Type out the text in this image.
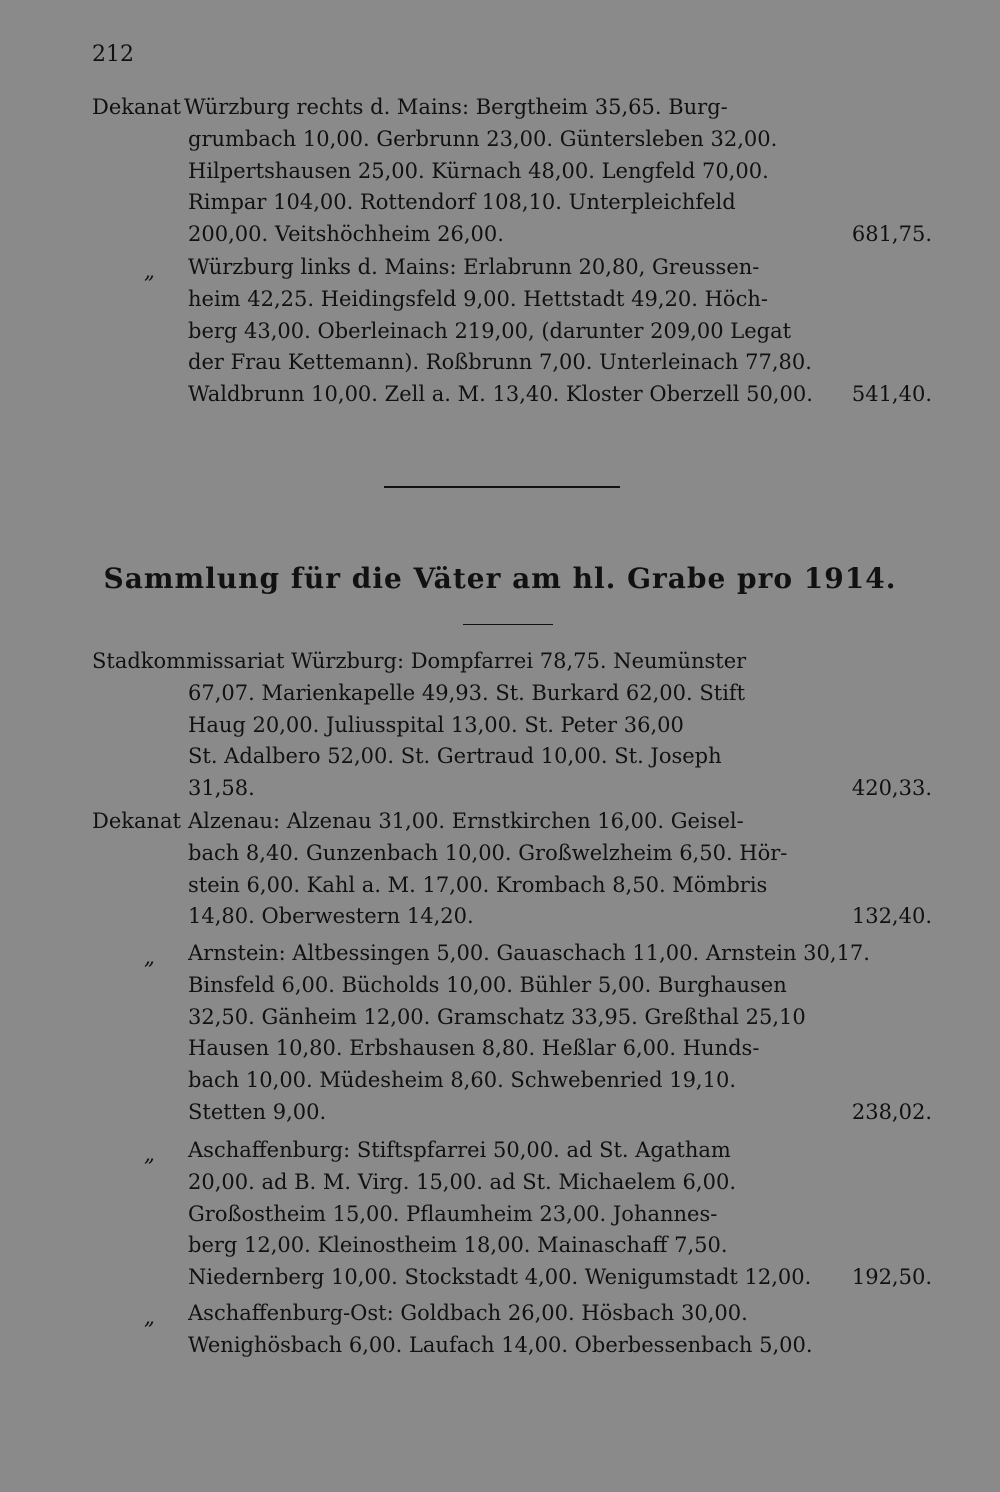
212
Dekanat Würzburg rechts d. Mains: Bergtheim 35,65. Burg-
grumbach 10,00. Gerbrunn 23,00. Güntersleben 32,00.
Hilpertshausen 25,00. Kürnach 48,00. Lengfeld 70,00.
Rimpar 104,00. Rottendorf 108,10. Unterpleichfeld
200,00. Veitshöchheim 26,00.	681,75.
„	Würzburg links d. Mains: Erlabrunn 20,80, Greussen-
heim 42,25. Heidingsfeld 9,00. Hettstadt 49,20. Höch-
berg 43,00. Oberleinach 219,00, (darunter 209,00 Legat
der Frau Kettemann). Roßbrunn 7,00. Unterleinach 77,80.
Waldbrunn 10,00. Zell a. M. 13,40. Kloster Oberzell 50,00. 541,40.
Sammlung für die Väter am hl. Grabe pro 1914.
Stadkommissariat Würzburg: Dompfarrei 78,75. Neumünster
67,07. Marienkapelle 49,93. St. Burkard 62,00. Stift
Haug 20,00. Juliusspital 13,00. St. Peter 36,00
St. Adalbero 52,00. St. Gertraud 10,00. St. Joseph
31,58.	420,33.
Dekanat Alzenau: Alzenau 31,00. Ernstkirchen 16,00. Geisel-
bach 8,40. Gunzenbach 10,00. Großwelzheim 6,50. Hör-
stein 6,00. Kahl a. M. 17,00. Krombach 8,50. Mömbris
14,80. Oberwestern 14,20.	132,40.
„	Arnstein: Altbessingen 5,00. Gauaschach 11,00. Arnstein 30,17.
Binsfeld 6,00. Bücholds 10,00. Bühler 5,00. Burghausen
32,50. Gänheim 12,00. Gramschatz 33,95. Greßthal 25,10
Hausen 10,80. Erbshausen 8,80. Heßlar 6,00. Hunds-
bach 10,00. Müdesheim 8,60. Schwebenried 19,10.
Stetten 9,00.	238,02.
„	Aschaffenburg: Stiftspfarrei 50,00. ad St. Agatham
20,00. ad B. M. Virg. 15,00. ad St. Michaelem 6,00.
Großostheim 15,00. Pflaumheim 23,00. Johannes-
berg 12,00. Kleinostheim 18,00. Mainaschaff 7,50.
Niedernberg 10,00. Stockstadt 4,00. Wenigumstadt 12,00. 192,50.
„	Aschaffenburg-Ost: Goldbach 26,00. Hösbach 30,00.
Wenighösbach 6,00. Laufach 14,00. Oberbessenbach 5,00.
